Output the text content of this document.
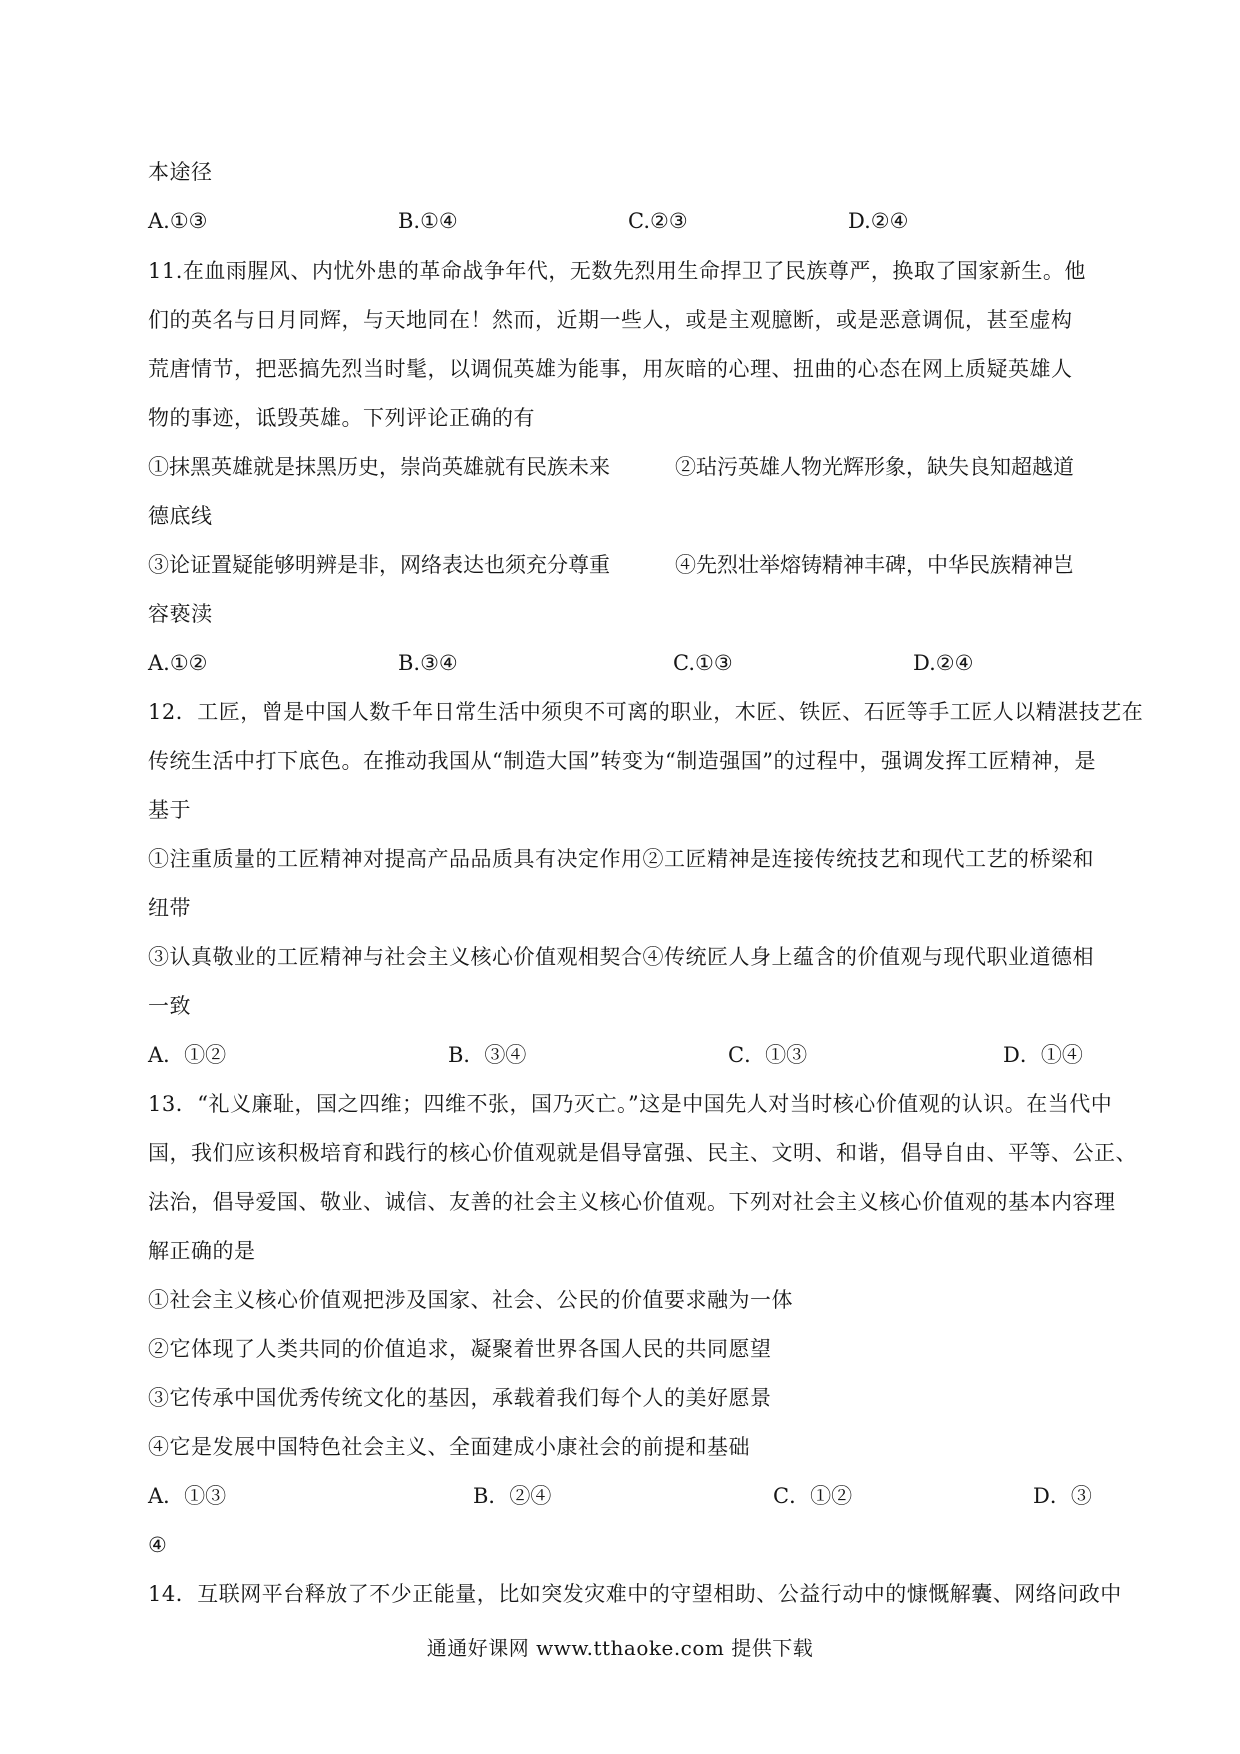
本途径
A.①③	B.①④	C.②③	D.②④
11.在血雨腥风、内忧外患的革命战争年代，无数先烈用生命捍卫了民族尊严，换取了国家新生。他
们的英名与日月同辉，与天地同在！然而，近期一些人，或是主观臆断，或是恶意调侃，甚至虚构
荒唐情节，把恶搞先烈当时髦，以调侃英雄为能事，用灰暗的心理、扭曲的心态在网上质疑英雄人
物的事迹，诋毁英雄。下列评论正确的有
①抹黑英雄就是抹黑历史，崇尚英雄就有民族未来	②玷污英雄人物光辉形象，缺失良知超越道
德底线
③论证置疑能够明辨是非，网络表达也须充分尊重	④先烈壮举熔铸精神丰碑，中华民族精神岂
容亵渎
A.①②	B.③④	C.①③	D.②④
12．工匠，曾是中国人数千年日常生活中须臾不可离的职业，木匠、铁匠、石匠等手工匠人以精湛技艺在
传统生活中打下底色。在推动我国从“制造大国”转变为“制造强国”的过程中，强调发挥工匠精神，是
基于
①注重质量的工匠精神对提高产品品质具有决定作用②工匠精神是连接传统技艺和现代工艺的桥梁和
纽带
③认真敬业的工匠精神与社会主义核心价值观相契合④传统匠人身上蕴含的价值观与现代职业道德相
一致
A．①②	B．③④	C．①③	D．①④
13．“礼义廉耻，国之四维；四维不张，国乃灭亡。”这是中国先人对当时核心价值观的认识。在当代中
国，我们应该积极培育和践行的核心价值观就是倡导富强、民主、文明、和谐，倡导自由、平等、公正、
法治，倡导爱国、敬业、诚信、友善的社会主义核心价值观。下列对社会主义核心价值观的基本内容理
解正确的是
①社会主义核心价值观把涉及国家、社会、公民的价值要求融为一体
②它体现了人类共同的价值追求，凝聚着世界各国人民的共同愿望
③它传承中国优秀传统文化的基因，承载着我们每个人的美好愿景
④它是发展中国特色社会主义、全面建成小康社会的前提和基础
A．①③	B．②④	C．①②	D．③
④
14．互联网平台释放了不少正能量，比如突发灾难中的守望相助、公益行动中的慷慨解囊、网络问政中
通通好课网 www.tthaoke.com 提供下载
